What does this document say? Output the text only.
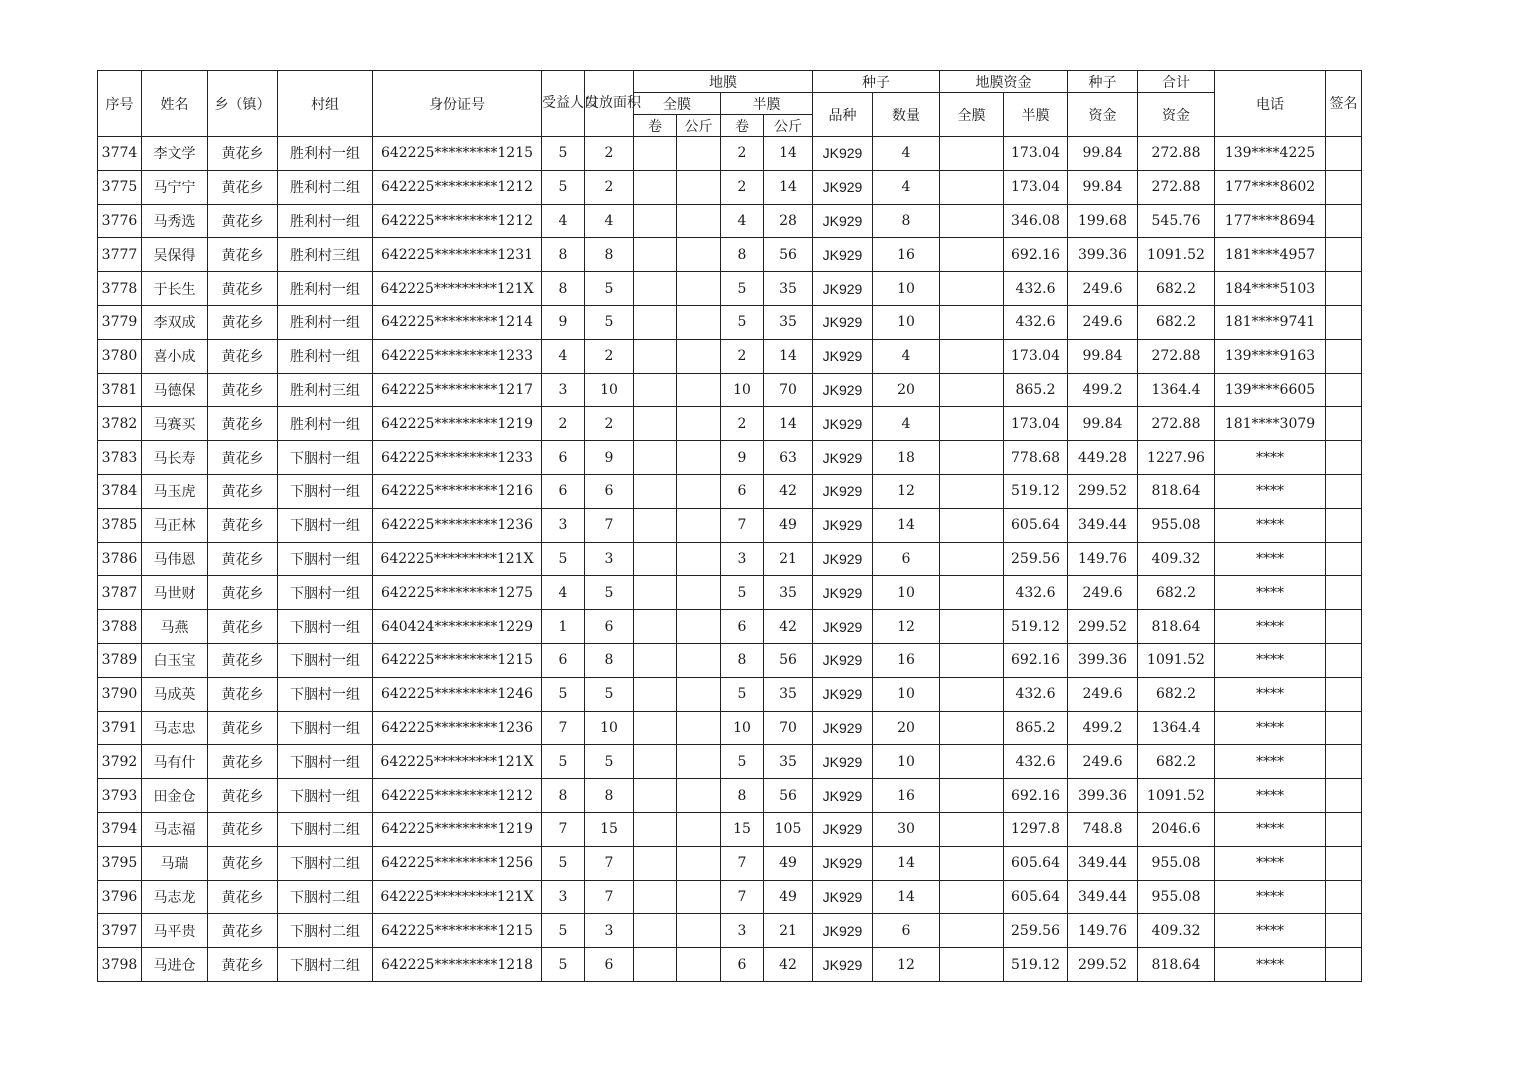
序号	姓名	乡（镇）	村组	身份证号	受益人口	发放面积	地膜				种子		地膜资金		种子	合计	电话	签名
							全膜		半膜		品种	数量	全膜	半膜	资金	资金		
							卷	公斤	卷	公斤								
3774	李文学	黄花乡	胜利村一组	642225*********1215	5	2			2	14	JK929	4		173.04	99.84	272.88	139****4225	
3775	马宁宁	黄花乡	胜利村二组	642225*********1212	5	2			2	14	JK929	4		173.04	99.84	272.88	177****8602	
3776	马秀选	黄花乡	胜利村一组	642225*********1212	4	4			4	28	JK929	8		346.08	199.68	545.76	177****8694	
3777	吴保得	黄花乡	胜利村三组	642225*********1231	8	8			8	56	JK929	16		692.16	399.36	1091.52	181****4957	
3778	于长生	黄花乡	胜利村一组	642225*********121X	8	5			5	35	JK929	10		432.6	249.6	682.2	184****5103	
3779	李双成	黄花乡	胜利村一组	642225*********1214	9	5			5	35	JK929	10		432.6	249.6	682.2	181****9741	
3780	喜小成	黄花乡	胜利村一组	642225*********1233	4	2			2	14	JK929	4		173.04	99.84	272.88	139****9163	
3781	马德保	黄花乡	胜利村三组	642225*********1217	3	10			10	70	JK929	20		865.2	499.2	1364.4	139****6605	
3782	马赛买	黄花乡	胜利村一组	642225*********1219	2	2			2	14	JK929	4		173.04	99.84	272.88	181****3079	
3783	马长寿	黄花乡	下胭村一组	642225*********1233	6	9			9	63	JK929	18		778.68	449.28	1227.96	****	
3784	马玉虎	黄花乡	下胭村一组	642225*********1216	6	6			6	42	JK929	12		519.12	299.52	818.64	****	
3785	马正林	黄花乡	下胭村一组	642225*********1236	3	7			7	49	JK929	14		605.64	349.44	955.08	****	
3786	马伟恩	黄花乡	下胭村一组	642225*********121X	5	3			3	21	JK929	6		259.56	149.76	409.32	****	
3787	马世财	黄花乡	下胭村一组	642225*********1275	4	5			5	35	JK929	10		432.6	249.6	682.2	****	
3788	马燕	黄花乡	下胭村一组	640424*********1229	1	6			6	42	JK929	12		519.12	299.52	818.64	****	
3789	白玉宝	黄花乡	下胭村一组	642225*********1215	6	8			8	56	JK929	16		692.16	399.36	1091.52	****	
3790	马成英	黄花乡	下胭村一组	642225*********1246	5	5			5	35	JK929	10		432.6	249.6	682.2	****	
3791	马志忠	黄花乡	下胭村一组	642225*********1236	7	10			10	70	JK929	20		865.2	499.2	1364.4	****	
3792	马有什	黄花乡	下胭村一组	642225*********121X	5	5			5	35	JK929	10		432.6	249.6	682.2	****	
3793	田金仓	黄花乡	下胭村一组	642225*********1212	8	8			8	56	JK929	16		692.16	399.36	1091.52	****	
3794	马志福	黄花乡	下胭村二组	642225*********1219	7	15			15	105	JK929	30		1297.8	748.8	2046.6	****	
3795	马瑞	黄花乡	下胭村二组	642225*********1256	5	7			7	49	JK929	14		605.64	349.44	955.08	****	
3796	马志龙	黄花乡	下胭村二组	642225*********121X	3	7			7	49	JK929	14		605.64	349.44	955.08	****	
3797	马平贵	黄花乡	下胭村二组	642225*********1215	5	3			3	21	JK929	6		259.56	149.76	409.32	****	
3798	马进仓	黄花乡	下胭村二组	642225*********1218	5	6			6	42	JK929	12		519.12	299.52	818.64	****	
